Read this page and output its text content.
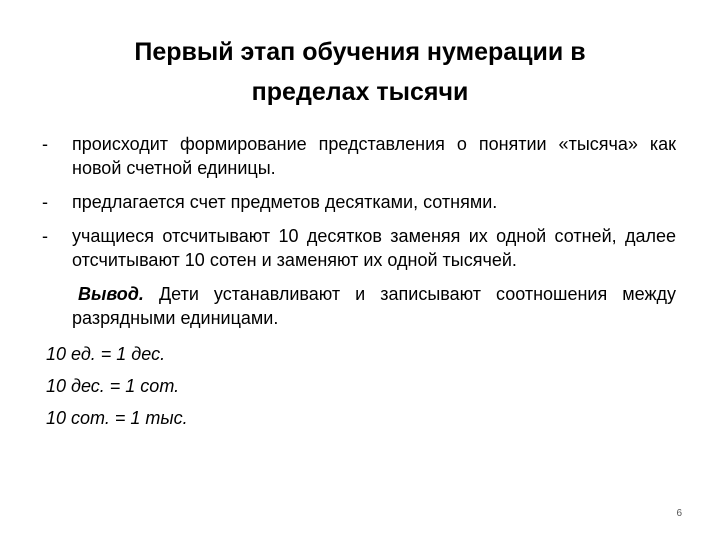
Первый этап обучения нумерации в
пределах тысячи
- происходит формирование представления о понятии «тысяча» как новой счетной единицы.
- предлагается счет предметов десятками, сотнями.
- учащиеся отсчитывают 10 десятков заменяя их одной сотней, далее отсчитывают 10 сотен и заменяют их одной тысячей.
Вывод. Дети устанавливают и записывают соотношения между разрядными единицами.
10 ед. = 1 дес.
10 дес. = 1 сот.
10 сот. = 1 тыс.
6
